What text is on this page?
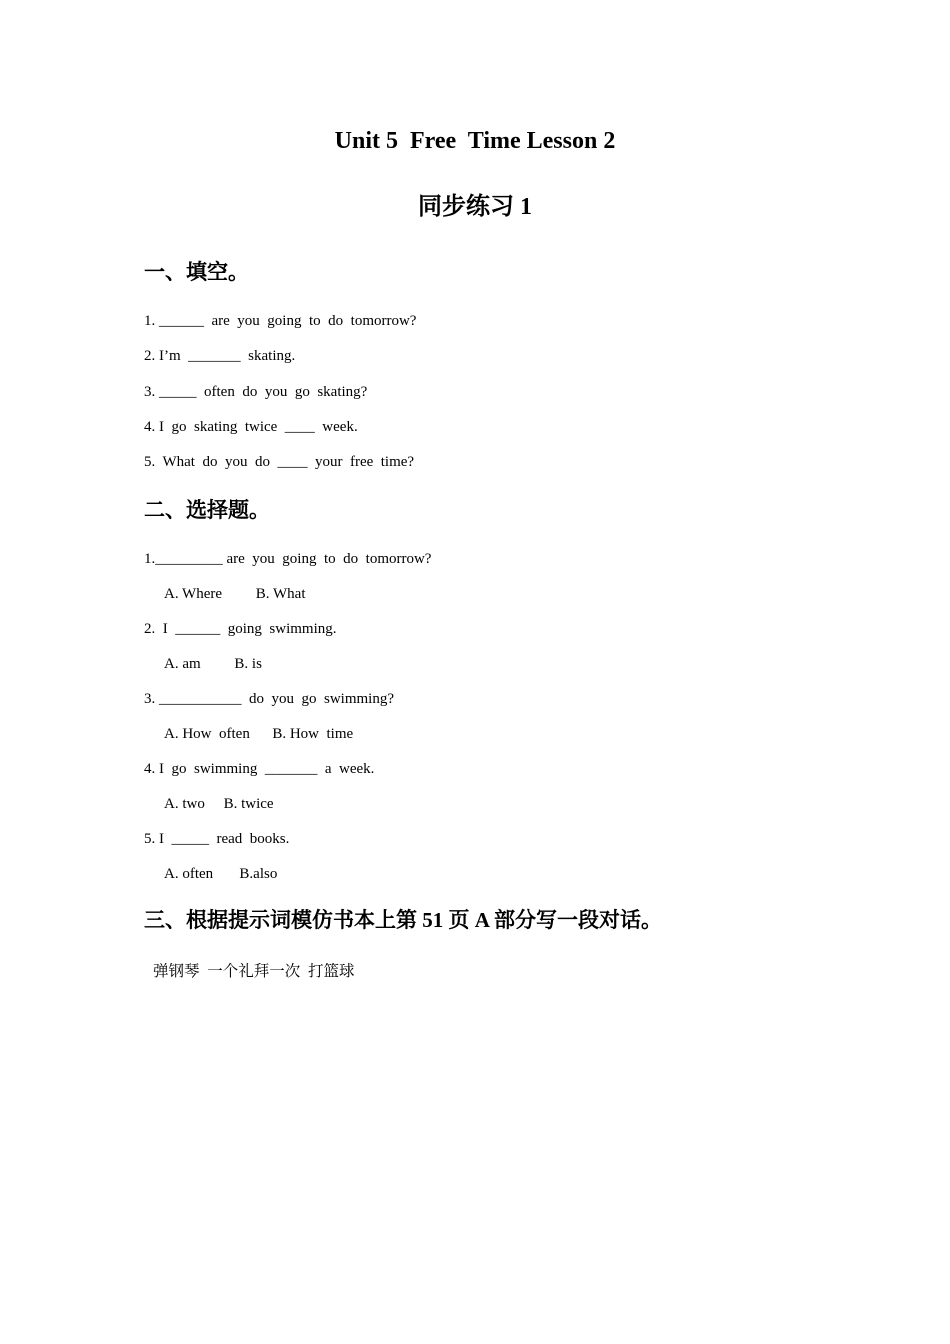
Unit 5  Free  Time Lesson 2
同步练习 1
一、填空。
1. ______  are  you  going  to  do  tomorrow?
2. I’m  _______  skating.
3. _____  often  do  you  go  skating?
4. I  go  skating  twice  ____  week.
5.  What  do  you  do  ____  your  free  time?
二、选择题。
1._________ are  you  going  to  do  tomorrow?
A. Where         B. What
2.  I  ______  going  swimming.
A. am         B. is
3. ___________  do  you  go  swimming?
A. How  often      B. How  time
4. I  go  swimming  _______  a  week.
A. two     B. twice
5. I  _____  read  books.
A. often       B.also
三、根据提示词模仿书本上第 51 页 A 部分写一段对话。
弹钢琴  一个礼拜一次  打篮球
